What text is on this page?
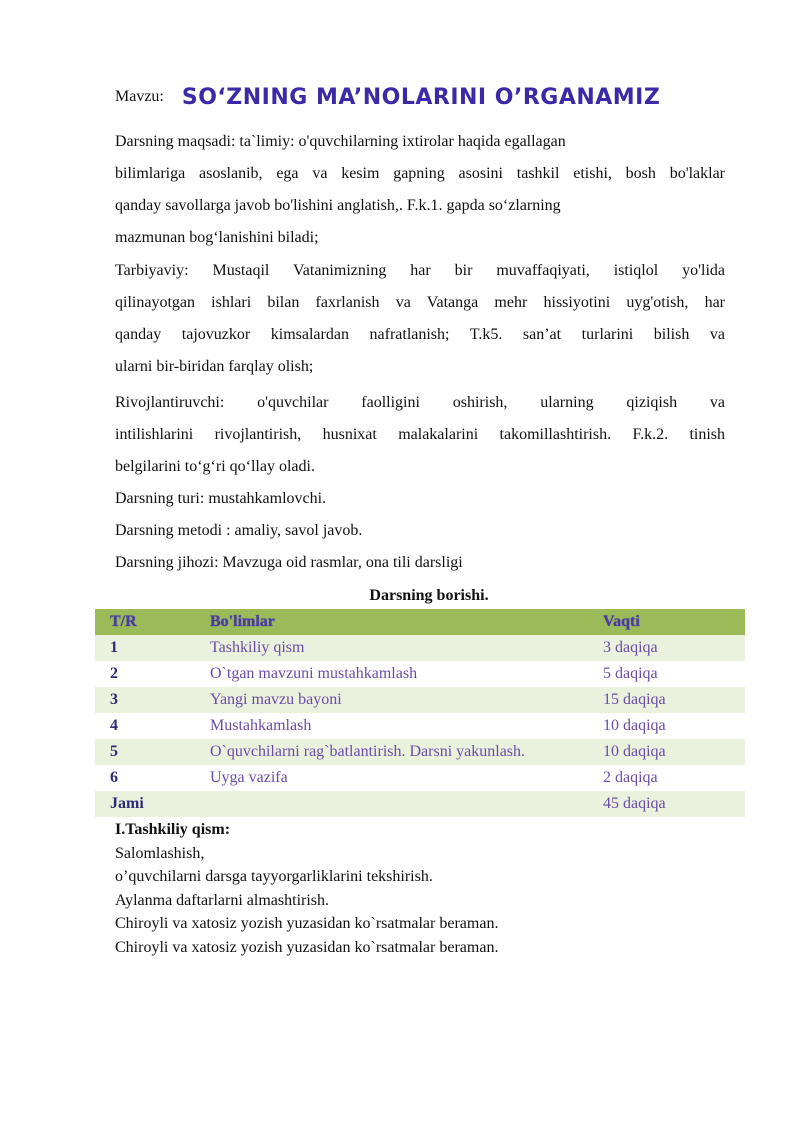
Mavzu: SO‘ZNING MA’NOLARINI O’RGANAMIZ
Darsning maqsadi: ta`limiy: o'quvchilarning ixtirolar haqida egallagan
bilimlariga asoslanib, ega va kesim gapning asosini tashkil etishi, bosh bo'laklar
qanday savollarga javob bo'lishini anglatish,. F.k.1. gapda so‘zlarning
mazmunan bog‘lanishini biladi;
Tarbiyaviy: Mustaqil Vatanimizning har bir muvaffaqiyati, istiqlol yo'lida
qilinayotgan ishlari bilan faxrlanish va Vatanga mehr hissiyotini uyg'otish, har
qanday tajovuzkor kimsalardan nafratlanish; T.k5. san’at turlarini bilish va
ularni bir-biridan farqlay olish;
Rivojlantiruvchi: o'quvchilar faolligini oshirish, ularning qiziqish va
intilishlarini rivojlantirish, husnixat malakalarini takomillashtirish. F.k.2. tinish
belgilarini to‘g‘ri qo‘llay oladi.
Darsning turi: mustahkamlovchi.
Darsning metodi : amaliy, savol javob.
Darsning jihozi: Mavzuga oid rasmlar, ona tili darsligi
Darsning borishi.
T/R	Bo'limlar	Vaqti
1	Tashkiliy qism	3 daqiqa
2	O`tgan mavzuni mustahkamlash	5 daqiqa
3	Yangi mavzu bayoni	15 daqiqa
4	Mustahkamlash	10 daqiqa
5	O`quvchilarni rag`batlantirish. Darsni yakunlash.	10 daqiqa
6	Uyga vazifa	2 daqiqa
Jami		45 daqiqa
I.Tashkiliy qism:
Salomlashish,
o’quvchilarni darsga tayyorgarliklarini tekshirish.
Aylanma daftarlarni almashtirish.
Chiroyli va xatosiz yozish yuzasidan ko`rsatmalar beraman.
Chiroyli va xatosiz yozish yuzasidan ko`rsatmalar beraman.
